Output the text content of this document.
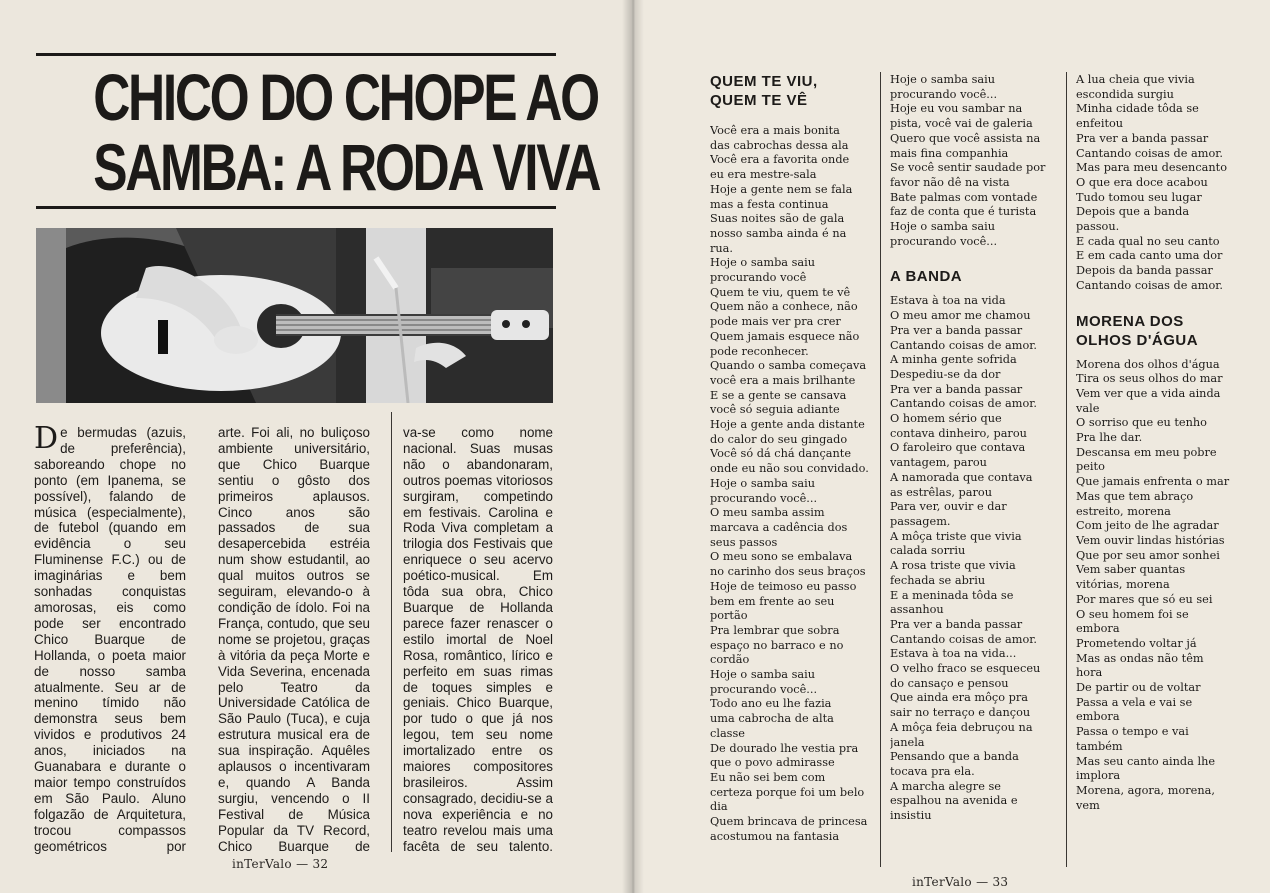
CHICO DO CHOPE AO
SAMBA: A RODA VIVA

De bermudas (azuis, de preferência), saboreando chope no ponto (em Ipanema, se possível), falando de música (especialmente), de futebol (quando em evidência o seu Fluminense F.C.) ou de imaginárias e bem sonhadas conquistas amorosas, eis como pode ser encontrado Chico Buarque de Hollanda, o poeta maior de nosso samba atualmente. Seu ar de menino tímido não demonstra seus bem vividos e produtivos 24 anos, iniciados na Guanabara e durante o maior tempo construídos em São Paulo. Aluno folgazão de Arquitetura, trocou compassos geométricos por

arte. Foi ali, no buliçoso ambiente universitário, que Chico Buarque sentiu o gôsto dos primeiros aplausos. Cinco anos são passados de sua desapercebida estréia num show estudantil, ao qual muitos outros se seguiram, elevando-o à condição de ídolo. Foi na França, contudo, que seu nome se projetou, graças à vitória da peça Morte e Vida Severina, encenada pelo Teatro da Universidade Católica de São Paulo (Tuca), e cuja estrutura musical era de sua inspiração. Aquêles aplausos o incentivaram e, quando A Banda surgiu, vencendo o II Festival de Música Popular da TV Record, Chico Buarque de

va-se como nome nacional. Suas musas não o abandonaram, outros poemas vitoriosos surgiram, competindo em festivais. Carolina e Roda Viva completam a trilogia dos Festivais que enriquece o seu acervo poético-musical. Em tôda sua obra, Chico Buarque de Hollanda parece fazer renascer o estilo imortal de Noel Rosa, romântico, lírico e perfeito em suas rimas de toques simples e geniais. Chico Buarque, por tudo o que já nos legou, tem seu nome imortalizado entre os maiores compositores brasileiros. Assim consagrado, decidiu-se a nova experiência e no teatro revelou mais uma facêta de seu talento.

inTerValo — 32
QUEM TE VIU,
QUEM TE VÊ
Você era a mais bonita
das cabrochas dessa ala
Você era a favorita onde
eu era mestre-sala
Hoje a gente nem se fala
mas a festa continua
Suas noites são de gala
nosso samba ainda é na
rua.
Hoje o samba saiu
procurando você
Quem te viu, quem te vê
Quem não a conhece, não
pode mais ver pra crer
Quem jamais esquece não
pode reconhecer.
Quando o samba começava
você era a mais brilhante
E se a gente se cansava
você só seguia adiante
Hoje a gente anda distante
do calor do seu gingado
Você só dá chá dançante
onde eu não sou convidado.
Hoje o samba saiu
procurando você...
O meu samba assim
marcava a cadência dos
seus passos
O meu sono se embalava
no carinho dos seus braços
Hoje de teimoso eu passo
bem em frente ao seu
portão
Pra lembrar que sobra
espaço no barraco e no
cordão
Hoje o samba saiu
procurando você...
Todo ano eu lhe fazia
uma cabrocha de alta
classe
De dourado lhe vestia pra
que o povo admirasse
Eu não sei bem com
certeza porque foi um belo
dia
Quem brincava de princesa
acostumou na fantasia
Hoje o samba saiu
procurando você...
Hoje eu vou sambar na
pista, você vai de galeria
Quero que você assista na
mais fina companhia
Se você sentir saudade por
favor não dê na vista
Bate palmas com vontade
faz de conta que é turista
Hoje o samba saiu
procurando você...
A BANDA
Estava à toa na vida
O meu amor me chamou
Pra ver a banda passar
Cantando coisas de amor.
A minha gente sofrida
Despediu-se da dor
Pra ver a banda passar
Cantando coisas de amor.
O homem sério que
contava dinheiro, parou
O faroleiro que contava
vantagem, parou
A namorada que contava
as estrêlas, parou
Para ver, ouvir e dar
passagem.
A môça triste que vivia
calada sorriu
A rosa triste que vivia
fechada se abriu
E a meninada tôda se
assanhou
Pra ver a banda passar
Cantando coisas de amor.
Estava à toa na vida...
O velho fraco se esqueceu
do cansaço e pensou
Que ainda era môço pra
sair no terraço e dançou
A môça feia debruçou na
janela
Pensando que a banda
tocava pra ela.
A marcha alegre se
espalhou na avenida e
insistiu
A lua cheia que vivia
escondida surgiu
Minha cidade tôda se
enfeitou
Pra ver a banda passar
Cantando coisas de amor.
Mas para meu desencanto
O que era doce acabou
Tudo tomou seu lugar
Depois que a banda
passou.
E cada qual no seu canto
E em cada canto uma dor
Depois da banda passar
Cantando coisas de amor.
MORENA DOS
OLHOS D'ÁGUA
Morena dos olhos d'água
Tira os seus olhos do mar
Vem ver que a vida ainda
vale
O sorriso que eu tenho
Pra lhe dar.
Descansa em meu pobre
peito
Que jamais enfrenta o mar
Mas que tem abraço
estreito, morena
Com jeito de lhe agradar
Vem ouvir lindas histórias
Que por seu amor sonhei
Vem saber quantas
vitórias, morena
Por mares que só eu sei
O seu homem foi se
embora
Prometendo voltar já
Mas as ondas não têm
hora
De partir ou de voltar
Passa a vela e vai se
embora
Passa o tempo e vai
também
Mas seu canto ainda lhe
implora
Morena, agora, morena,
vem
inTerValo — 33
